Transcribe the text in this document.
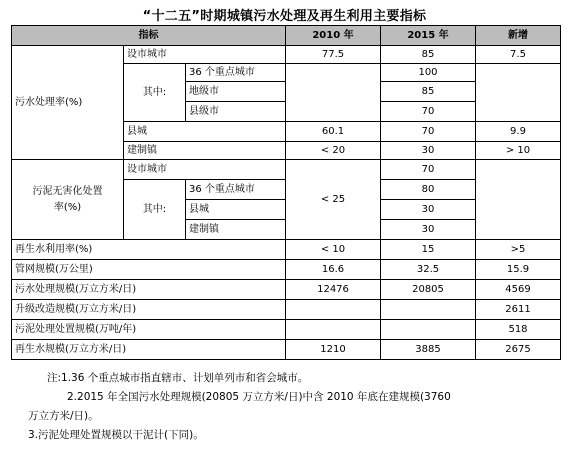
“十二五”时期城镇污水处理及再生利用主要指标
指标			2010 年	2015 年	新增
污水处理率(%)	设市城市		77.5	85	7.5
	其中:	36 个重点城市		100	
		地级市		85	
		县级市		70	
	县城		60.1	70	9.9
	建制镇		< 20	30	> 10
污泥无害化处置
率(%)	设市城市		< 25	70	
	其中:	36 个重点城市		80	
		县城		30	
		建制镇		30	
再生水利用率(%)			< 10	15	>5
管网规模(万公里)			16.6	32.5	15.9
污水处理规模(万立方米/日)			12476	20805	4569
升级改造规模(万立方米/日)					2611
污泥处理处置规模(万吨/年)					518
再生水规模(万立方米/日)			1210	3885	2675
注:1.36 个重点城市指直辖市、计划单列市和省会城市。
2.2015 年全国污水处理规模(20805 万立方米/日)中含 2010 年底在建规模(3760
万立方米/日)。
3.污泥处理处置规模以干泥计(下同)。
